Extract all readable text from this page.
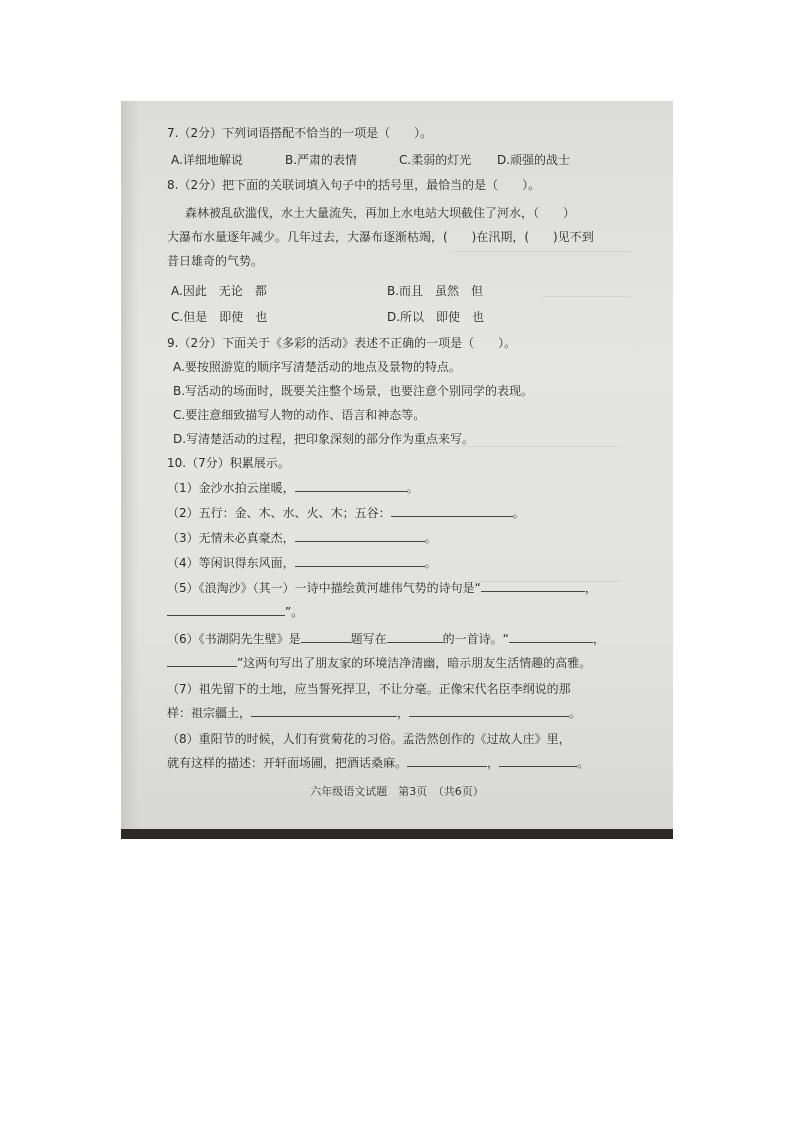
7.（2分）下列词语搭配不恰当的一项是（　　）。
A.详细地解说	B.严肃的表情	C.柔弱的灯光 D.顽强的战士
8.（2分）把下面的关联词填入句子中的括号里，最恰当的是（　　）。
森林被乱砍滥伐，水土大量流失，再加上水电站大坝截住了河水，（　　）
大瀑布水量逐年减少。几年过去，大瀑布逐渐枯竭，(　　)在汛期，(　　)见不到
昔日雄奇的气势。
A.因此　无论　都	B.而且　虽然　但
C.但是　即使　也	D.所以　即使　也
9.（2分）下面关于《多彩的活动》表述不正确的一项是（　　）。
A.要按照游览的顺序写清楚活动的地点及景物的特点。
B.写活动的场面时，既要关注整个场景，也要注意个别同学的表现。
C.要注意细致描写人物的动作、语言和神态等。
D.写清楚活动的过程，把印象深刻的部分作为重点来写。
10.（7分）积累展示。
（1）金沙水拍云崖暖，	。
（2）五行：金、木、水、火、木；五谷：	。
（3）无情未必真豪杰，	。
（4）等闲识得东风面，	。
（5）《浪淘沙》（其一）一诗中描绘黄河雄伟气势的诗句是“	，
”。
（6）《书湖阴先生壁》是	题写在	的一首诗。“	，
”这两句写出了朋友家的环境洁净清幽，暗示朋友生活情趣的高雅。
（7）祖先留下的土地，应当誓死捍卫，不让分毫。正像宋代名臣李纲说的那
样：祖宗疆土，	，	。
（8）重阳节的时候，人们有赏菊花的习俗。孟浩然创作的《过故人庄》里，
就有这样的描述：开轩面场圃，把酒话桑麻。	，	。
六年级语文试题　第3页　（共6页）
